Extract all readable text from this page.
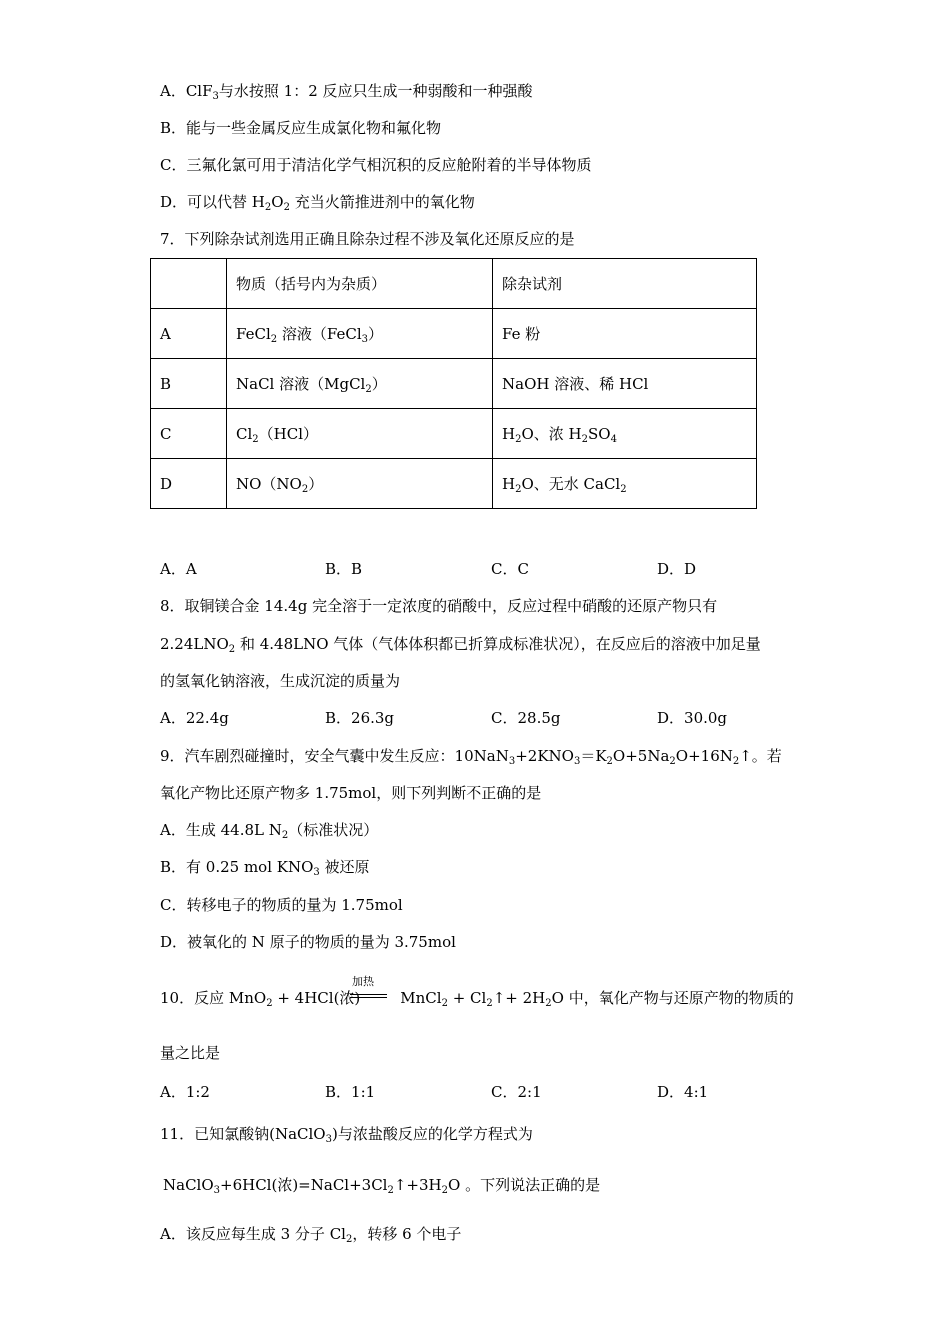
A．ClF$_3$与水按照 1：2 反应只生成一种弱酸和一种强酸
B．能与一些金属反应生成氯化物和氟化物
C．三氟化氯可用于清洁化学气相沉积的反应舱附着的半导体物质
D．可以代替 $H_2O_2$ 充当火箭推进剂中的氧化物
7．下列除杂试剂选用正确且除杂过程不涉及氧化还原反应的是
	物质（括号内为杂质）	除杂试剂
A	FeCl$_2$ 溶液（FeCl$_3$）	Fe 粉
B	NaCl 溶液（MgCl$_2$）	NaOH 溶液、稀 HCl
C	$Cl_2(HCl)$	$H_2O$、浓 $H_2SO_4$
D	$NO(NO_2)$	$H_2O$、无水 CaCl$_2$
A．A	B．B	C．C	D．D
8．取铜镁合金 14.4g 完全溶于一定浓度的硝酸中，反应过程中硝酸的还原产物只有
$2.24LNO_2$ 和 4.48LNO 气体（气体体积都已折算成标准状况），在反应后的溶液中加足量
的氢氧化钠溶液，生成沉淀的质量为
A．22.4g	B．26.3g	C．28.5g	D．30.0g
9．汽车剧烈碰撞时，安全气囊中发生反应：$10NaN_3+2KNO_3=K_2O+5Na_2O+16N_2↑$。若
氧化产物比还原产物多 1.75mol，则下列判断不正确的是
A．生成 44.8L $N_2$（标准状况）
B．有 0.25 mol $KNO_3$ 被还原
C．转移电子的物质的量为 1.75mol
D．被氧化的 N 原子的物质的量为 3.75mol
加热
10．反应 MnO$_2$ + 4HCl(浓)	MnCl$_2$ + $Cl_2↑+ 2H_2O$ 中，氧化产物与还原产物的物质的
量之比是
A．1:2	B．1:1	C．2:1	D．4:1
11．已知氯酸钠(NaClO$_3$)与浓盐酸反应的化学方程式为
NaClO$_3$+6HCl(浓)$=NaCl+3Cl_2↑+3H_2O$ 。下列说法正确的是
A．该反应每生成 3 分子 $Cl_2$，转移 6 个电子
